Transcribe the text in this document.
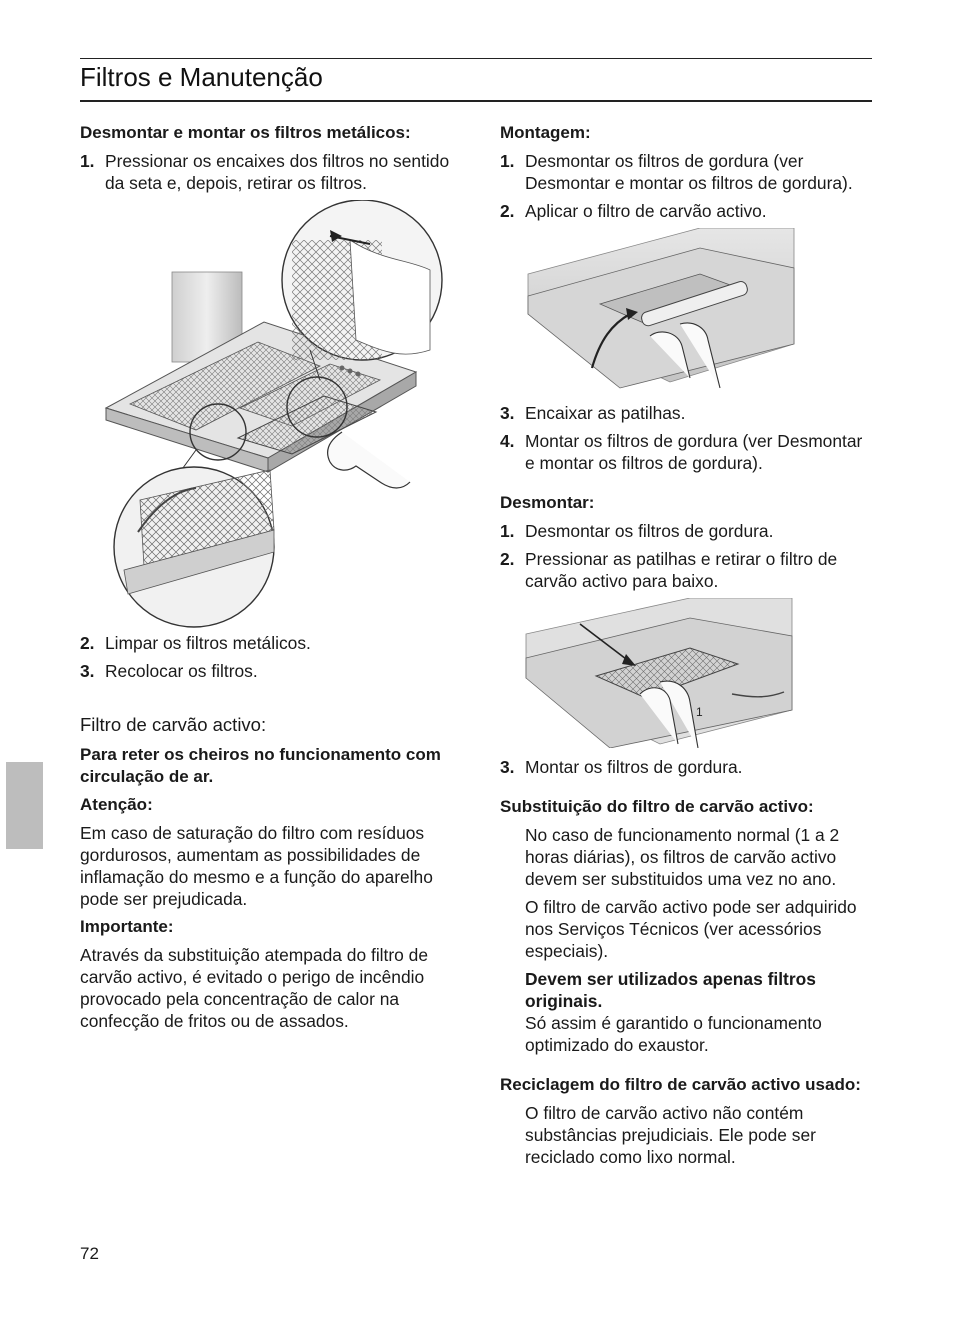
Filtros e Manutenção
Desmontar e montar os filtros metálicos:
1. Pressionar os encaixes dos filtros no sentido da seta e, depois, retirar os filtros.
2. Limpar os filtros metálicos.
3. Recolocar os filtros.
Filtro de carvão activo:
Para reter os cheiros no funcionamento com circulação de ar.
Atenção:

Em caso de saturação do filtro com resíduos gordurosos, aumentam as possibilidades de inflamação do mesmo e a função do aparelho pode ser prejudicada.

Importante:

Através da substituição atempada do filtro de carvão activo, é evitado o perigo de incêndio provocado pela concentração de calor na confecção de fritos ou de assados.

Montagem:
1. Desmontar os filtros de gordura (ver Desmontar e montar os filtros de gordura).
2. Aplicar o filtro de carvão activo.
3. Encaixar as patilhas.
4. Montar os filtros de gordura (ver Desmontar e montar os filtros de gordura).
Desmontar:
1. Desmontar os filtros de gordura.
2. Pressionar as patilhas e retirar o filtro de carvão activo para baixo.
1
3. Montar os filtros de gordura.
Substituição do filtro de carvão activo:

No caso de funcionamento normal (1 a 2 horas diárias), os filtros de carvão activo devem ser substituidos uma vez no ano.

O filtro de carvão activo pode ser adquirido nos Serviços Técnicos (ver acessórios especiais).

Devem ser utilizados apenas filtros originais.

Só assim é garantido o funcionamento optimizado do exaustor.

Reciclagem do filtro de carvão activo usado:

O filtro de carvão activo não contém substâncias prejudiciais. Ele pode ser reciclado como lixo normal.

72
